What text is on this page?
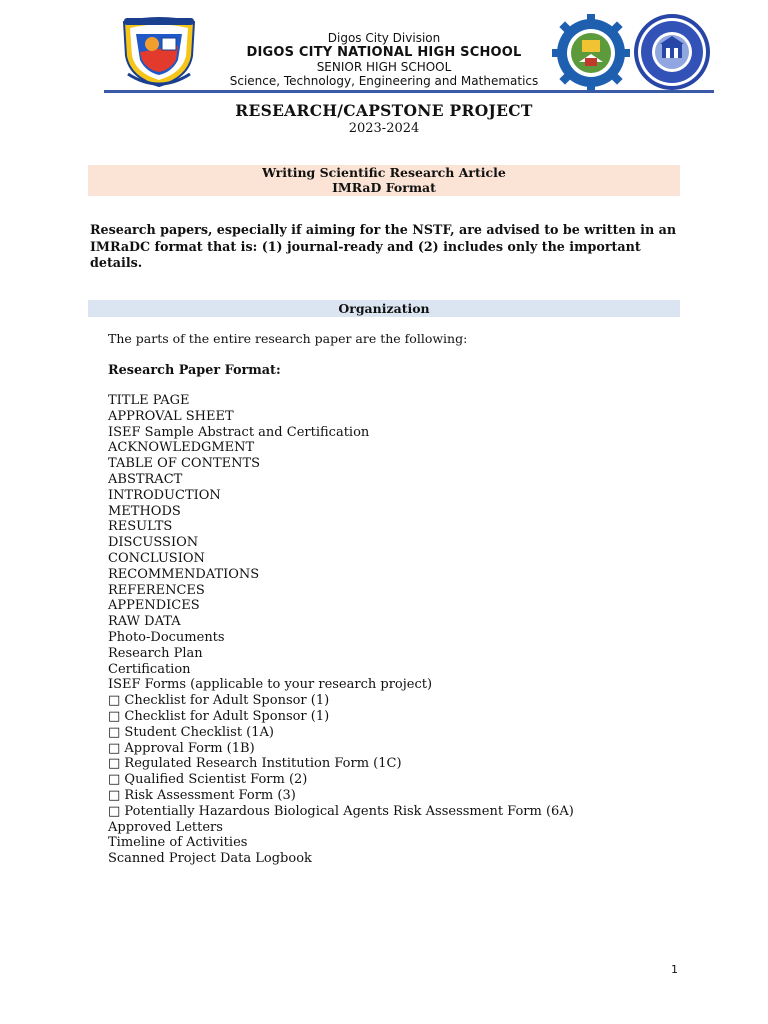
Digos City Division
DIGOS CITY NATIONAL HIGH SCHOOL
SENIOR HIGH SCHOOL
Science, Technology, Engineering and Mathematics
RESEARCH/CAPSTONE PROJECT
2023-2024
Writing Scientific Research Article
IMRaD Format
Research papers, especially if aiming for the NSTF, are advised to be written in an IMRaDC format that is: (1) journal-ready and (2) includes only the important details.
Organization
The parts of the entire research paper are the following:
Research Paper Format:
TITLE PAGE
APPROVAL SHEET
ISEF Sample Abstract and Certification
ACKNOWLEDGMENT
TABLE OF CONTENTS
ABSTRACT
INTRODUCTION
METHODS
RESULTS
DISCUSSION
CONCLUSION
RECOMMENDATIONS
REFERENCES
APPENDICES
RAW DATA
Photo-Documents
Research Plan
Certification
ISEF Forms (applicable to your research project)
□ Checklist for Adult Sponsor (1)
□ Checklist for Adult Sponsor (1)
□ Student Checklist (1A)
□ Approval Form (1B)
□ Regulated Research Institution Form (1C)
□ Qualified Scientist Form (2)
□ Risk Assessment Form (3)
□ Potentially Hazardous Biological Agents Risk Assessment Form (6A)
Approved Letters
Timeline of Activities
Scanned Project Data Logbook
1
